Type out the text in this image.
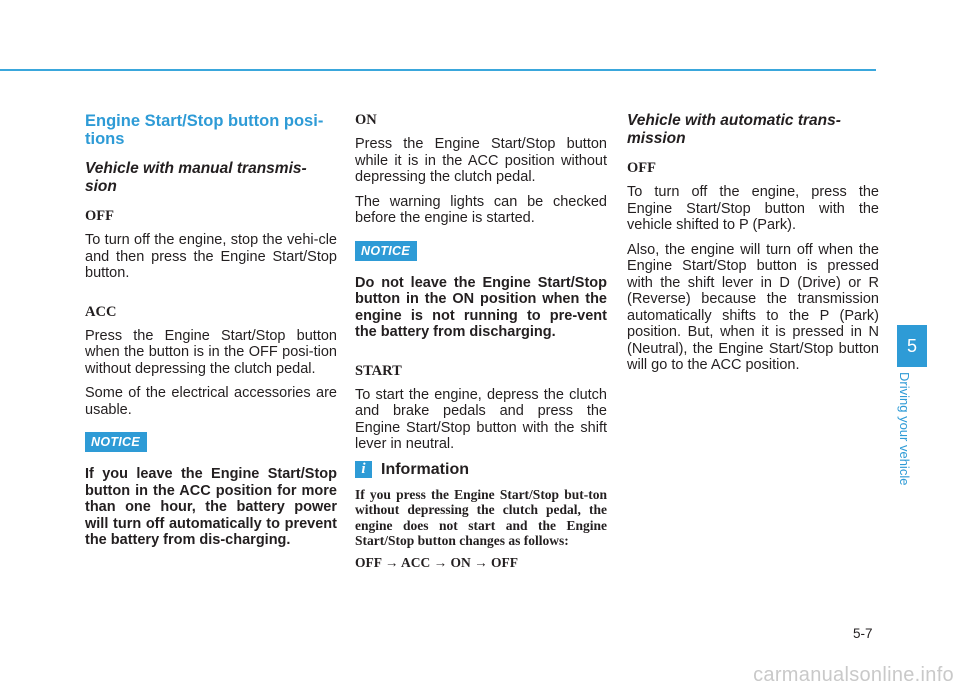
Engine Start/Stop button posi-tions
Vehicle with manual transmis-sion
OFF
To turn off the engine, stop the vehi-cle and then press the Engine Start/Stop button.
ACC
Press the Engine Start/Stop button when the button is in the OFF posi-tion without depressing the clutch pedal.
Some of the electrical accessories are usable.
NOTICE
If you leave the Engine Start/Stop button in the ACC position for more than one hour, the battery power will turn off automatically to prevent the battery from dis-charging.
ON
Press the Engine Start/Stop button while it is in the ACC position without depressing the clutch pedal.
The warning lights can be checked before the engine is started.
NOTICE
Do not leave the Engine Start/Stop button in the ON position when the engine is not running to pre-vent the battery from discharging.
START
To start the engine, depress the clutch and brake pedals and press the Engine Start/Stop button with the shift lever in neutral.
i Information
If you press the Engine Start/Stop but-ton without depressing the clutch pedal, the engine does not start and the Engine Start/Stop button changes as follows:
OFF → ACC → ON → OFF
Vehicle with automatic trans-mission
OFF
To turn off the engine, press the Engine Start/Stop button with the vehicle shifted to P (Park).
Also, the engine will turn off when the Engine Start/Stop button is pressed with the shift lever in D (Drive) or R (Reverse) because the transmission automatically shifts to the P (Park) position. But, when it is pressed in N (Neutral), the Engine Start/Stop button will go to the ACC position.
5
Driving your vehicle
5-7
carmanualsonline.info
